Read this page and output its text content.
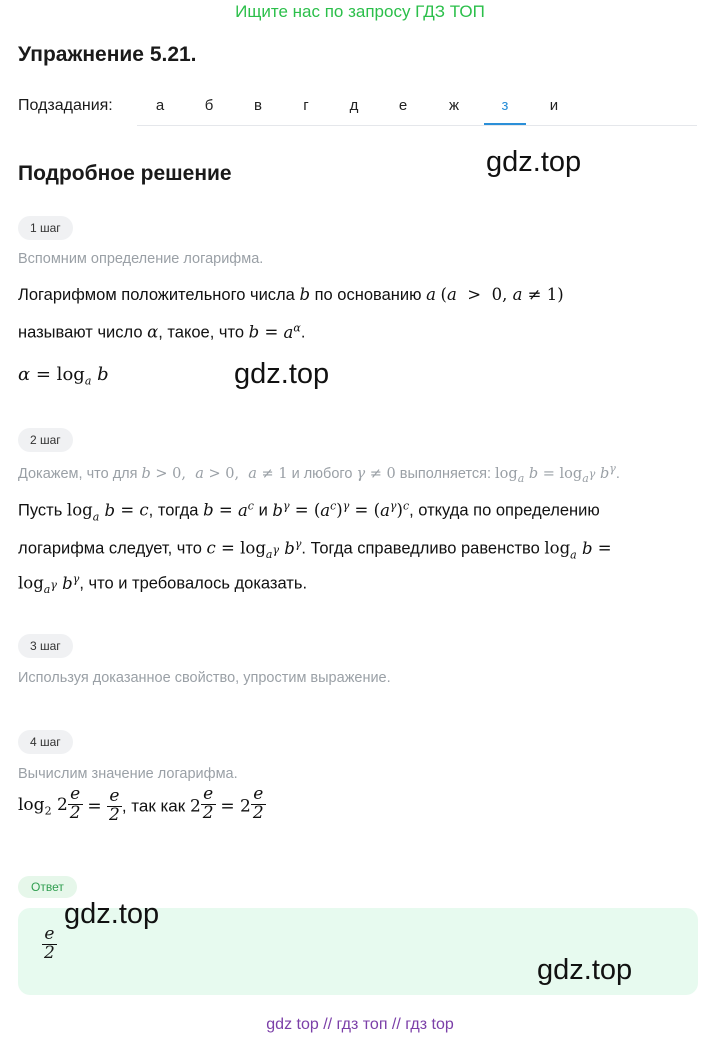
Ищите нас по запросу ГДЗ ТОП
Упражнение 5.21.
Подзадания:	а	б	в	г	д	е	ж	з	и
Подробное решение	gdz.top
1 шаг
Вспомним определение логарифма.
Логарифмом положительного числа b по основанию a (a  >  0, a ≠ 1)
называют число α, такое, что $b = a^\alpha$.
$\alpha = \log_a b$	gdz.top
2 шаг
Докажем, что для b > 0,  a > 0,  a ≠ 1 и любого γ ≠ 0 выполняется: $\log_a b = \log_{a^\gamma} b^\gamma$.
Пусть $\log_a b = c$, тогда $b = a^c$ и $b^\gamma = (a^c)^\gamma = (a^\gamma)^c$, откуда по определению
логарифма следует, что $c = \log_{a^\gamma} b^\gamma$. Тогда справедливо равенство $\log_a b$ =
$\log_{a^\gamma} b^\gamma$, что и требовалось доказать.
3 шаг
Используя доказанное свойство, упростим выражение.
4 шаг
Вычислим значение логарифма.
$\log_2 2 \frac{e}{2} = \frac{e}{2}$ , так как $2 \frac{e}{2} = 2 \frac{e}{2}$
Ответ
$\frac{e}{2}$
gdz.top
gdz.top
gdz top // гдз топ // гдз top
